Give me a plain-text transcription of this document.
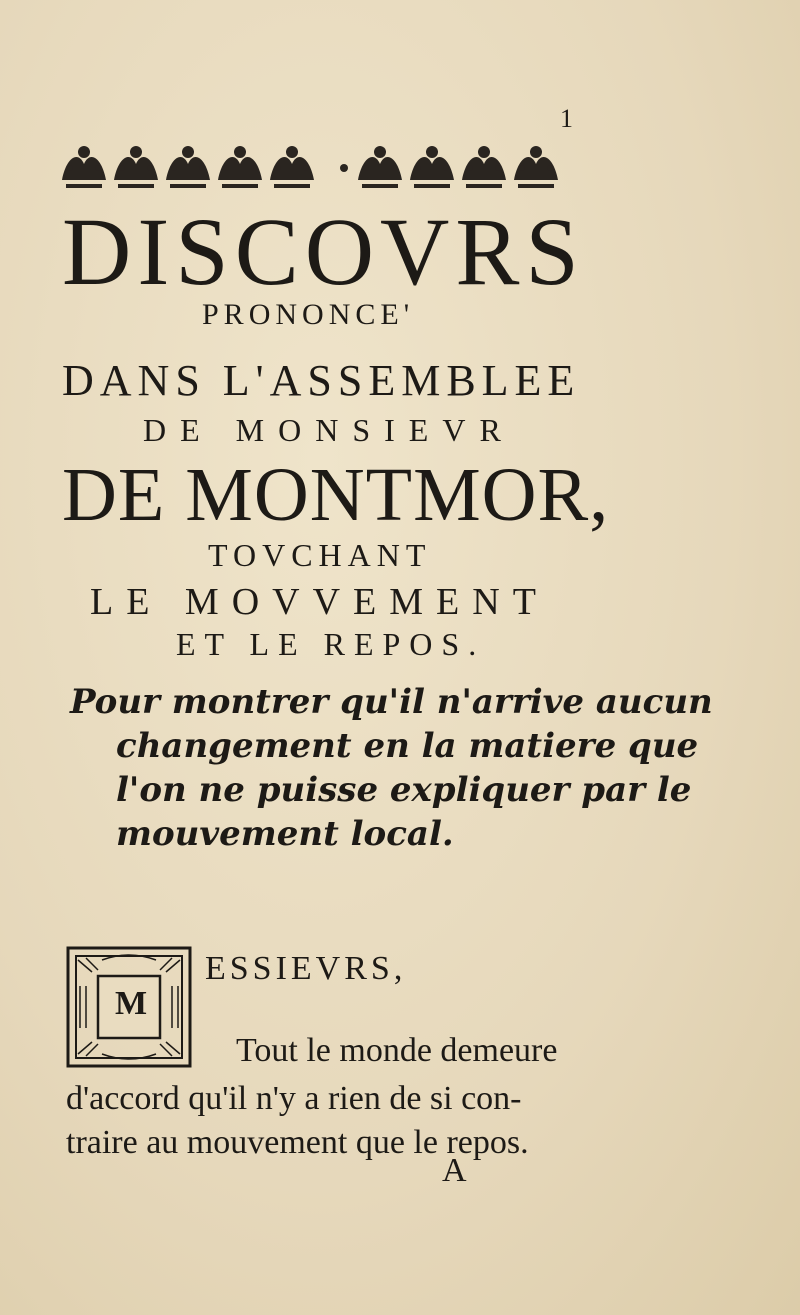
1
DISCOVRS
PRONONCE'
DANS L'ASSEMBLEE
DE MONSIEVR
DE MONTMOR,
TOVCHANT
LE MOVVEMENT
ET LE REPOS.
Pour montrer qu'il n'arrive aucun
changement en la matiere que
l'on ne puisse expliquer par le
mouvement local.
M
ESSIEVRS,
Tout le monde demeure
d'accord qu'il n'y a rien de si con-
traire au mouvement que le repos.
A
